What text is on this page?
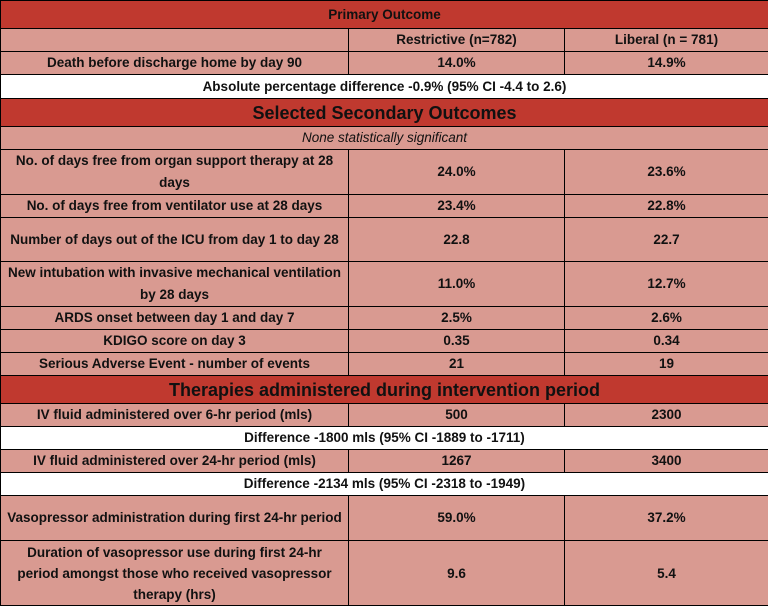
Primary Outcome		
	Restrictive (n=782)	Liberal (n = 781)
Death before discharge home by day 90	14.0%	14.9%
Absolute percentage difference -0.9% (95% CI -4.4 to 2.6)		
Selected Secondary Outcomes		
None statistically significant		
No. of days free from organ support therapy at 28 days	24.0%	23.6%
No. of days free from ventilator use at 28 days	23.4%	22.8%
Number of days out of the ICU from day 1 to day 28	22.8	22.7
New intubation with invasive mechanical ventilation by 28 days	11.0%	12.7%
ARDS onset between day 1 and day 7	2.5%	2.6%
KDIGO score on day 3	0.35	0.34
Serious Adverse Event - number of events	21	19
Therapies administered during intervention period		
IV fluid administered over 6-hr period (mls)	500	2300
Difference -1800 mls (95% CI -1889 to -1711)		
IV fluid administered over 24-hr period (mls)	1267	3400
Difference -2134 mls (95% CI -2318 to -1949)		
Vasopressor administration during first 24-hr period	59.0%	37.2%
Duration of vasopressor use during first 24-hr period amongst those who received vasopressor therapy (hrs)	9.6	5.4
